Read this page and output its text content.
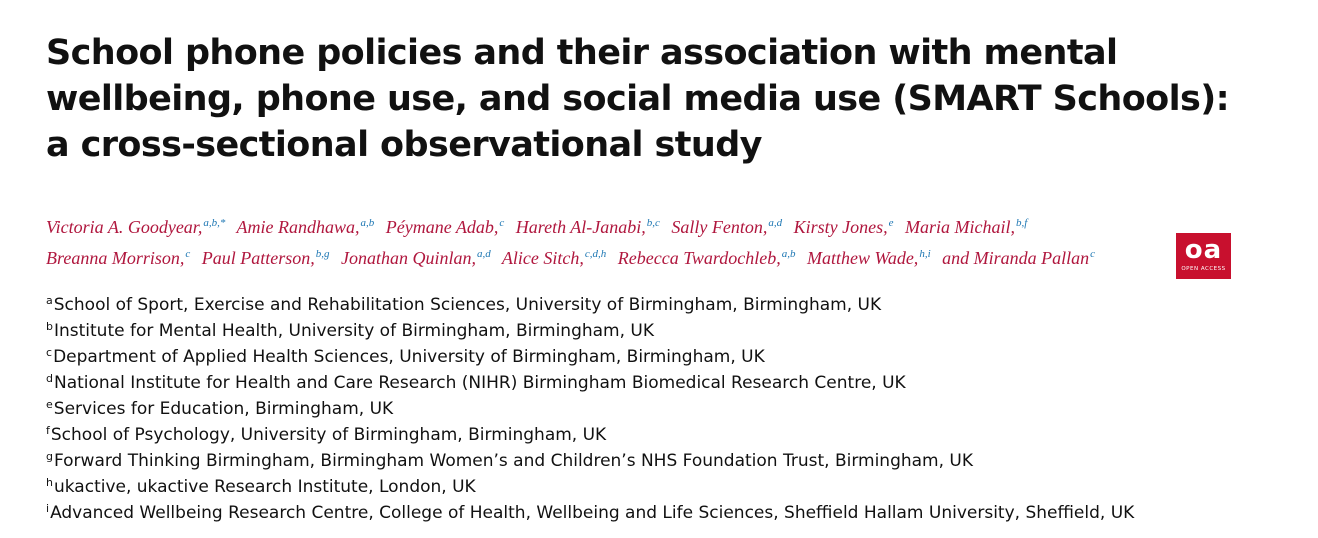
School phone policies and their association with mental
wellbeing, phone use, and social media use (SMART Schools):
a cross-sectional observational study
Victoria A. Goodyear,$^{a,b,*}$ Amie Randhawa,$^{a,b}$ Péymane Adab,$^c$ Hareth Al-Janabi,$^{b,c}$ Sally Fenton,$^{a,d}$ Kirsty Jones,$^e$ Maria Michail,$^{b,f}$
Breanna Morrison,$^c$ Paul Patterson,$^{b,g}$ Jonathan Quinlan,$^{a,d}$ Alice Sitch,$^{c,d,h}$ Rebecca Twardochleb,$^{a,b}$ Matthew Wade,$^{h,i}$ and Miranda Pallan$^c$	oa
OPEN ACCESS
$^a$School of Sport, Exercise and Rehabilitation Sciences, University of Birmingham, Birmingham, UK
$^b$Institute for Mental Health, University of Birmingham, Birmingham, UK
$^c$Department of Applied Health Sciences, University of Birmingham, Birmingham, UK
$^d$National Institute for Health and Care Research (NIHR) Birmingham Biomedical Research Centre, UK
$^e$Services for Education, Birmingham, UK
$^f$School of Psychology, University of Birmingham, Birmingham, UK
$^g$Forward Thinking Birmingham, Birmingham Women’s and Children’s NHS Foundation Trust, Birmingham, UK
$^h$ukactive, ukactive Research Institute, London, UK
$^i$Advanced Wellbeing Research Centre, College of Health, Wellbeing and Life Sciences, Sheffield Hallam University, Sheffield, UK
